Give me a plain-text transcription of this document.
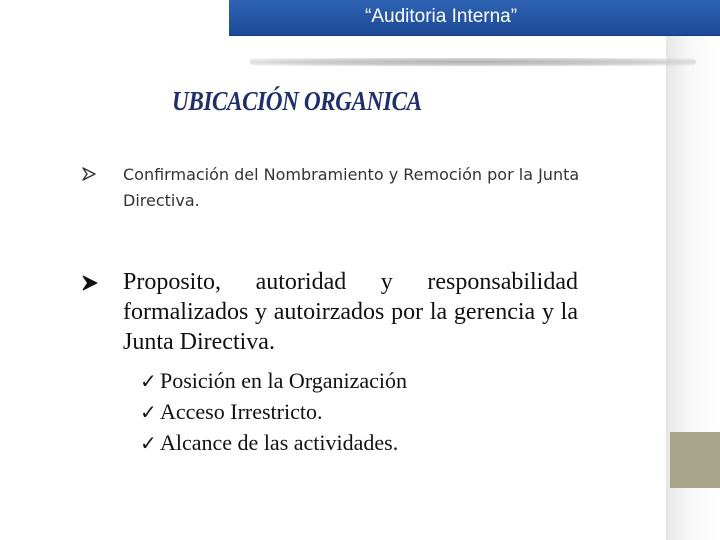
“Auditoria Interna”
UBICACIÓN ORGANICA
Confirmación del Nombramiento y Remoción por la Junta Directiva.
Proposito, autoridad y responsabilidad formalizados y autoirzados por la gerencia y la Junta Directiva.
✓ Posición en la Organización
✓ Acceso Irrestricto.
✓ Alcance de las actividades.
